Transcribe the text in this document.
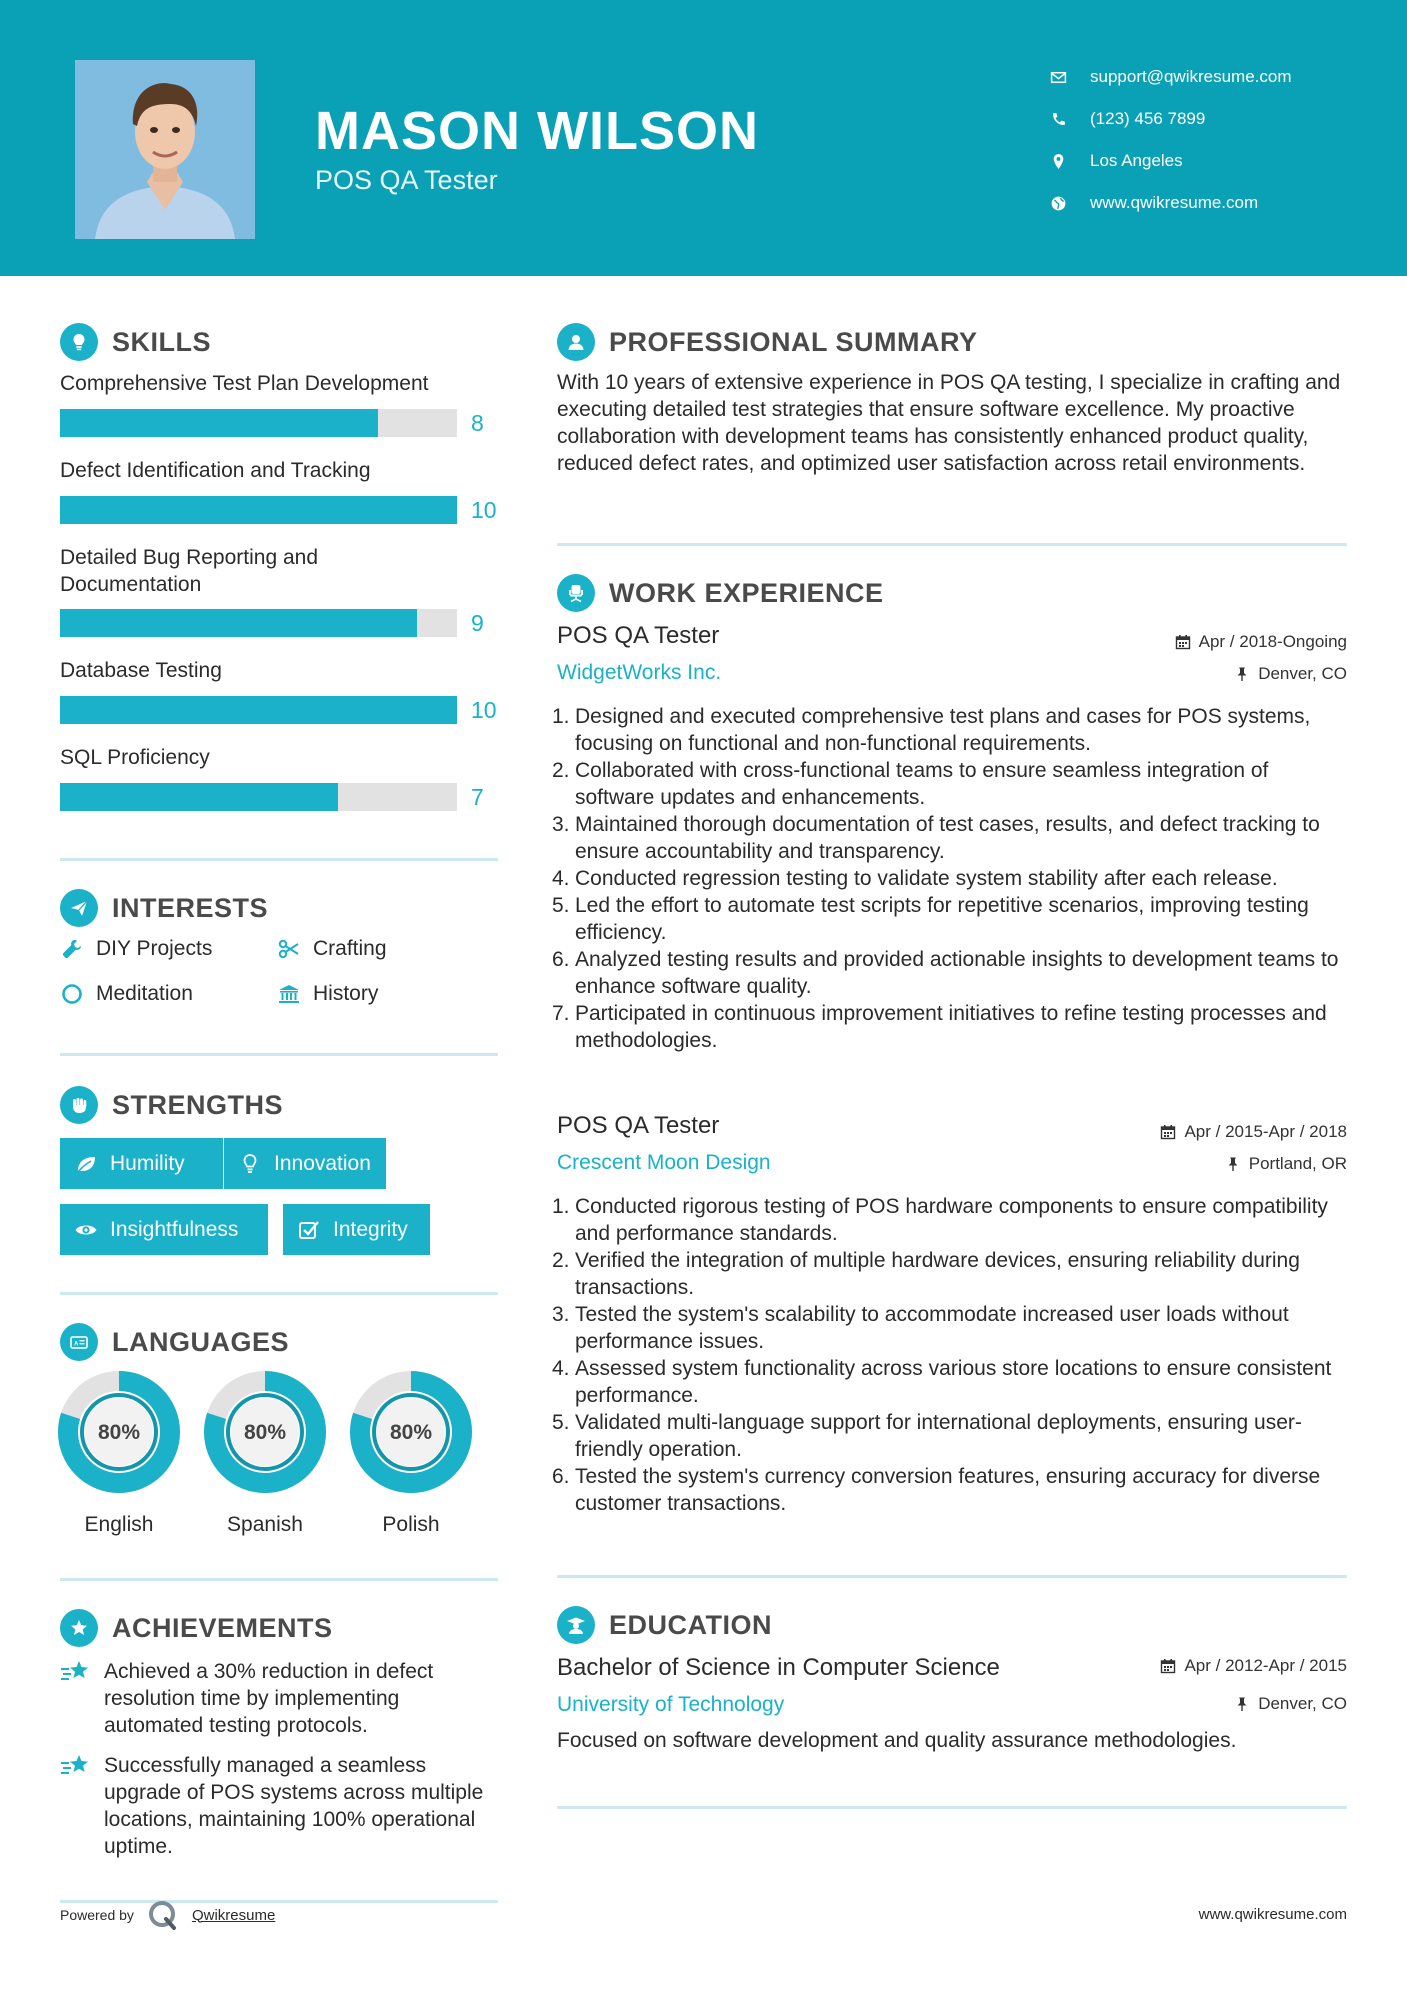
MASON WILSON
POS QA Tester
support@qwikresume.com
(123) 456 7899
Los Angeles
www.qwikresume.com
SKILLS
Comprehensive Test Plan Development
8
Defect Identification and Tracking
10
Detailed Bug Reporting and Documentation
9
Database Testing
10
SQL Proficiency
7
INTERESTS
DIY Projects	Crafting
Meditation	History
STRENGTHS
Humility	Innovation
Insightfulness	Integrity
A LANGUAGES
80%
English
80%
Spanish
80%
Polish
ACHIEVEMENTS
Achieved a 30% reduction in defect resolution time by implementing automated testing protocols.
Successfully managed a seamless upgrade of POS systems across multiple locations, maintaining 100% operational uptime.
PROFESSIONAL SUMMARY
With 10 years of extensive experience in POS QA testing, I specialize in crafting and executing detailed test strategies that ensure software excellence. My proactive collaboration with development teams has consistently enhanced product quality, reduced defect rates, and optimized user satisfaction across retail environments.
WORK EXPERIENCE
POS QA Tester	Apr / 2018-Ongoing
WidgetWorks Inc.	Denver, CO
1. Designed and executed comprehensive test plans and cases for POS systems, focusing on functional and non-functional requirements.
2. Collaborated with cross-functional teams to ensure seamless integration of software updates and enhancements.
3. Maintained thorough documentation of test cases, results, and defect tracking to ensure accountability and transparency.
4. Conducted regression testing to validate system stability after each release.
5. Led the effort to automate test scripts for repetitive scenarios, improving testing efficiency.
6. Analyzed testing results and provided actionable insights to development teams to enhance software quality.
7. Participated in continuous improvement initiatives to refine testing processes and methodologies.
POS QA Tester	Apr / 2015-Apr / 2018
Crescent Moon Design	Portland, OR
1. Conducted rigorous testing of POS hardware components to ensure compatibility and performance standards.
2. Verified the integration of multiple hardware devices, ensuring reliability during transactions.
3. Tested the system's scalability to accommodate increased user loads without performance issues.
4. Assessed system functionality across various store locations to ensure consistent performance.
5. Validated multi-language support for international deployments, ensuring user-friendly operation.
6. Tested the system's currency conversion features, ensuring accuracy for diverse customer transactions.
EDUCATION
Bachelor of Science in Computer Science	Apr / 2012-Apr / 2015
University of Technology	Denver, CO
Focused on software development and quality assurance methodologies.
Powered by	Qwikresume	www.qwikresume.com
